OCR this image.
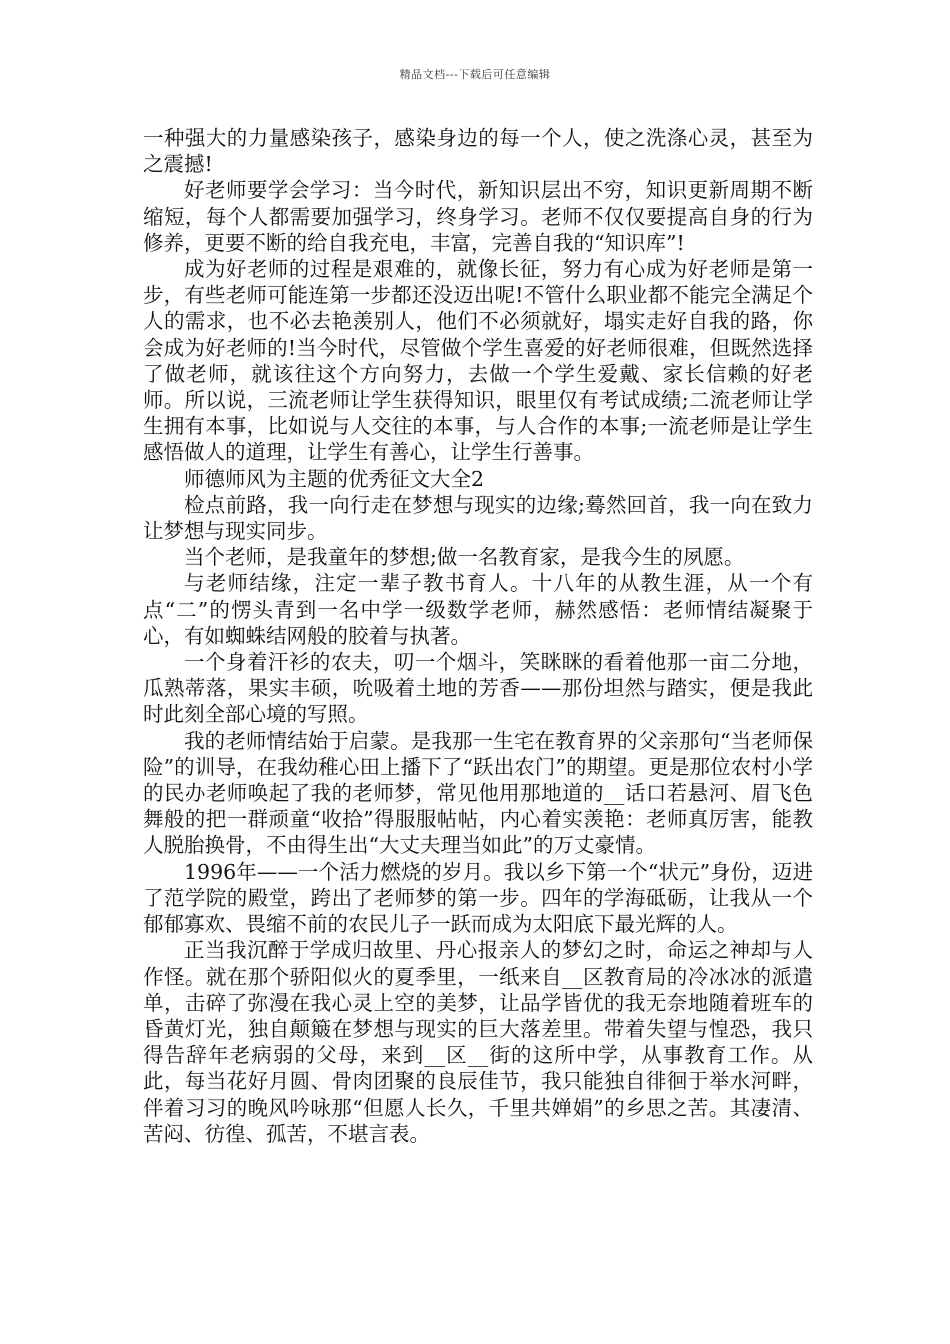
精品文档---下载后可任意编辑

一种强大的力量感染孩子，感染身边的每一个人，使之洗涤心灵，甚至为之震撼!

好老师要学会学习：当今时代，新知识层出不穷，知识更新周期不断缩短，每个人都需要加强学习，终身学习。老师不仅仅要提高自身的行为修养，更要不断的给自我充电，丰富，完善自我的“知识库”!

成为好老师的过程是艰难的，就像长征，努力有心成为好老师是第一步，有些老师可能连第一步都还没迈出呢!不管什么职业都不能完全满足个人的需求，也不必去艳羡别人，他们不必须就好，塌实走好自我的路，你会成为好老师的!当今时代，尽管做个学生喜爱的好老师很难，但既然选择了做老师，就该往这个方向努力，去做一个学生爱戴、家长信赖的好老师。所以说，三流老师让学生获得知识，眼里仅有考试成绩;二流老师让学生拥有本事，比如说与人交往的本事，与人合作的本事;一流老师是让学生感悟做人的道理，让学生有善心，让学生行善事。

师德师风为主题的优秀征文大全2

检点前路，我一向行走在梦想与现实的边缘;蓦然回首，我一向在致力让梦想与现实同步。

当个老师，是我童年的梦想;做一名教育家，是我今生的夙愿。

与老师结缘，注定一辈子教书育人。十八年的从教生涯，从一个有点“二”的愣头青到一名中学一级数学老师，赫然感悟：老师情结凝聚于心，有如蜘蛛结网般的胶着与执著。

一个身着汗衫的农夫，叨一个烟斗，笑眯眯的看着他那一亩二分地，瓜熟蒂落，果实丰硕，吮吸着土地的芳香——那份坦然与踏实，便是我此时此刻全部心境的写照。

我的老师情结始于启蒙。是我那一生宅在教育界的父亲那句“当老师保险”的训导，在我幼稚心田上播下了“跃出农门”的期望。更是那位农村小学的民办老师唤起了我的老师梦，常见他用那地道的__话口若悬河、眉飞色舞般的把一群顽童“收拾”得服服帖帖，内心着实羡艳：老师真厉害，能教人脱胎换骨，不由得生出“大丈夫理当如此”的万丈豪情。

1996年——一个活力燃烧的岁月。我以乡下第一个“状元”身份，迈进了范学院的殿堂，跨出了老师梦的第一步。四年的学海砥砺，让我从一个郁郁寡欢、畏缩不前的农民儿子一跃而成为太阳底下最光辉的人。

正当我沉醉于学成归故里、丹心报亲人的梦幻之时，命运之神却与人作怪。就在那个骄阳似火的夏季里，一纸来自__区教育局的冷冰冰的派遣单，击碎了弥漫在我心灵上空的美梦，让品学皆优的我无奈地随着班车的昏黄灯光，独自颠簸在梦想与现实的巨大落差里。带着失望与惶恐，我只得告辞年老病弱的父母，来到__区__街的这所中学，从事教育工作。从此，每当花好月圆、骨肉团聚的良辰佳节，我只能独自徘徊于举水河畔，伴着习习的晚风吟咏那“但愿人长久，千里共婵娟”的乡思之苦。其凄清、苦闷、彷徨、孤苦，不堪言表。
